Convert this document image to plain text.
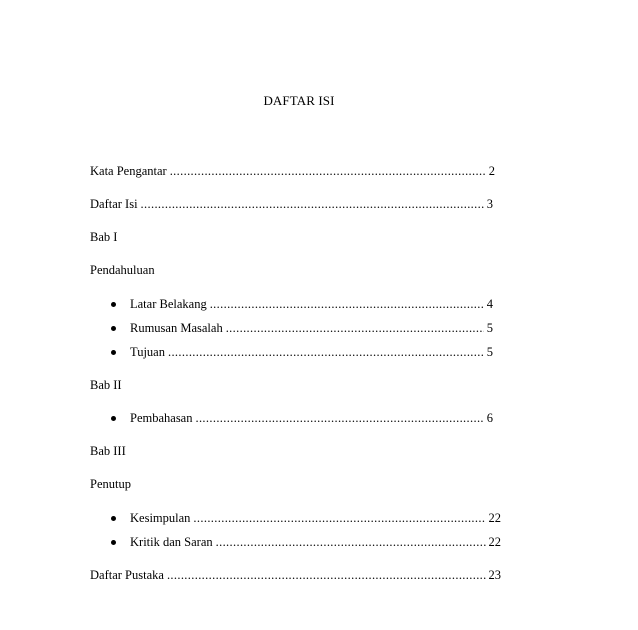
DAFTAR ISI
Kata Pengantar .....	2
Daftar Isi .....	3
Bab I
Pendahuluan
Latar Belakang .....	4
Rumusan Masalah .....	5
Tujuan .....	5
Bab II
Pembahasan .....	6
Bab III
Penutup
Kesimpulan .....	22
Kritik dan Saran .....	22
Daftar Pustaka .....	23
